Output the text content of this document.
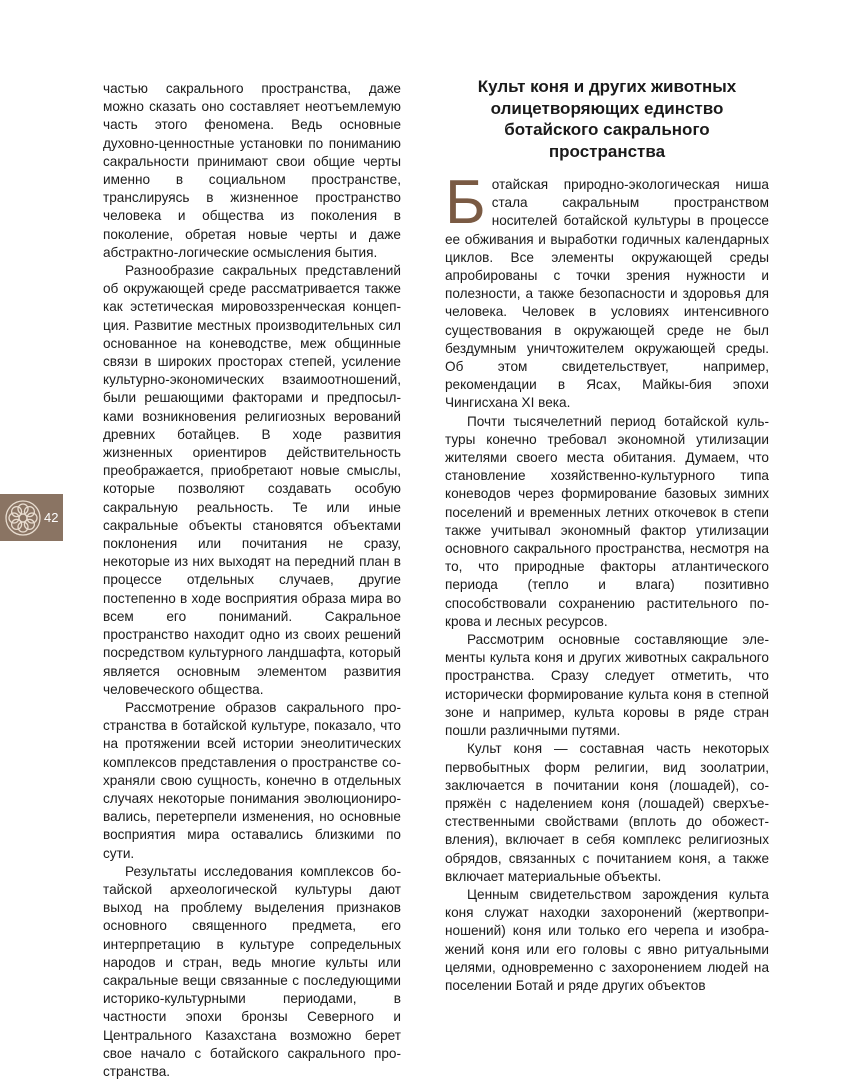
частью сакрального пространства, даже можно сказать оно составляет неотъемлемую часть этого феномена. Ведь основные духовно-ценностные установки по пониманию сакральности принимают свои общие черты именно в социальном пространстве, транслируясь в жизненное пространство человека и общества из поколения в поколение, обретая новые черты и даже абстрактно-логические осмысления бытия.

Разнообразие сакральных представлений об окружающей среде рассматривается также как эстетическая мировоззренческая концепция. Развитие местных производительных сил основанное на коневодстве, меж общинные связи в широких просторах степей, усиление культурно-экономических взаимоотношений, были решающими факторами и предпосылками возникновения религиозных верований древних ботайцев. В ходе развития жизненных ориентиров действительность преображается, приобретают новые смыслы, которые позволяют создавать особую сакральную реальность. Те или иные сакральные объекты становятся объектами поклонения или почитания не сразу, некоторые из них выходят на передний план в процессе отдельных случаев, другие постепенно в ходе восприятия образа мира во всем его пониманий. Сакральное пространство находит одно из своих решений посредством культурного ландшафта, который является основным элементом развития человеческого общества.

Рассмотрение образов сакрального пространства в ботайской культуре, показало, что на протяжении всей истории энеолитических комплексов представления о пространстве сохраняли свою сущность, конечно в отдельных случаях некоторые понимания эволюционировались, перетерпели изменения, но основные восприятия мира оставались близкими по сути.

Результаты исследования комплексов ботайской археологической культуры дают выход на проблему выделения признаков основного священного предмета, его интерпретацию в культуре сопредельных народов и стран, ведь многие культы или сакральные вещи связанные с последующими историко-культурными периодами, в частности эпохи бронзы Северного и Центрального Казахстана возможно берет свое начало с ботайского сакрального пространства.

Культ коня и других животных олицетворяющих единство ботайского сакрального пространства

Ботайская природно-экологическая ниша стала сакральным пространством носителей ботайской культуры в процессе ее обживания и выработки годичных календарных циклов. Все элементы окружающей среды апробированы с точки зрения нужности и полезности, а также безопасности и здоровья для человека. Человек в условиях интенсивного существования в окружающей среде не был бездумным уничтожителем окружающей среды. Об этом свидетельствует, например, рекомендации в Ясах, Майкы-бия эпохи Чингисхана XI века.

Почти тысячелетний период ботайской культуры конечно требовал экономной утилизации жителями своего места обитания. Думаем, что становление хозяйственно-культурного типа коневодов через формирование базовых зимних поселений и временных летних откочевок в степи также учитывал экономный фактор утилизации основного сакрального пространства, несмотря на то, что природные факторы атлантического периода (тепло и влага) позитивно способствовали сохранению растительного покрова и лесных ресурсов.

Рассмотрим основные составляющие элементы культа коня и других животных сакрального пространства. Сразу следует отметить, что исторически формирование культа коня в степной зоне и например, культа коровы в ряде стран пошли различными путями.

Культ коня — составная часть некоторых первобытных форм религии, вид зоолатрии, заключается в почитании коня (лошадей), сопряжён с наделением коня (лошадей) сверхъестественными свойствами (вплоть до обожествления), включает в себя комплекс религиозных обрядов, связанных с почитанием коня, а также включает материальные объекты.

Ценным свидетельством зарождения культа коня служат находки захоронений (жертвоприношений) коня или только его черепа и изображений коня или его головы с явно ритуальными целями, одновременно с захоронением людей на поселении Ботай и ряде других объектов

42
